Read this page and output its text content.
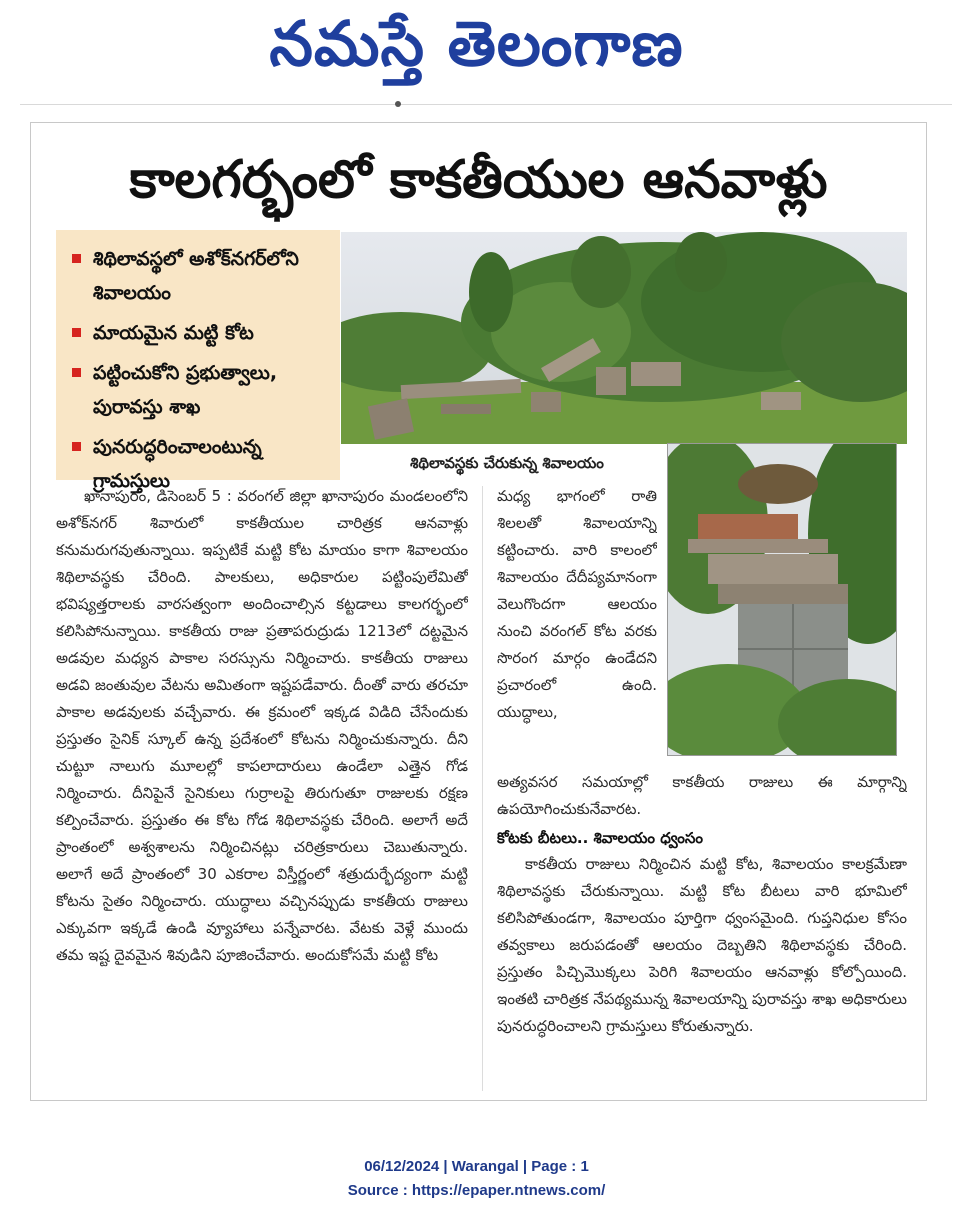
నమస్తే తెలంగాణ
కాలగర్భంలో కాకతీయుల ఆనవాళ్లు
శిథిలావస్థలో అశోక్‌నగర్‌లోని శివాలయం
మాయమైన మట్టి కోట
పట్టించుకోని ప్రభుత్వాలు, పురావస్తు శాఖ
పునరుద్ధరించాలంటున్న గ్రామస్తులు
శిథిలావస్థకు చేరుకున్న శివాలయం
ఖానాపురం, డిసెంబర్ 5 : వరంగల్ జిల్లా ఖానాపురం మండలంలోని అశోక్‌నగర్ శివారులో కాకతీయుల చారిత్రక ఆనవాళ్లు కనుమరుగవుతున్నాయి. ఇప్పటికే మట్టి కోట మాయం కాగా శివాలయం శిథిలావస్థకు చేరింది. పాలకులు, అధికారుల పట్టింపులేమితో భవిష్యత్తరాలకు వారసత్వంగా అందించాల్సిన కట్టడాలు కాలగర్భంలో కలిసిపోనున్నాయి. కాకతీయ రాజు ప్రతాపరుద్రుడు 1213లో దట్టమైన అడవుల మధ్యన పాకాల సరస్సును నిర్మించారు. కాకతీయ రాజులు అడవి జంతువుల వేటను అమితంగా ఇష్టపడేవారు. దీంతో వారు తరచూ పాకాల అడవులకు వచ్చేవారు. ఈ క్రమంలో ఇక్కడ విడిది చేసేందుకు ప్రస్తుతం సైనిక్ స్కూల్ ఉన్న ప్రదేశంలో కోటను నిర్మించుకున్నారు. దీని చుట్టూ నాలుగు మూలల్లో కాపలాదారులు ఉండేలా ఎత్తైన గోడ నిర్మించారు. దీనిపైనే సైనికులు గుర్రాలపై తిరుగుతూ రాజులకు రక్షణ కల్పించేవారు. ప్రస్తుతం ఈ కోట గోడ శిథిలావస్థకు చేరింది. అలాగే అదే ప్రాంతంలో అశ్వశాలను నిర్మించినట్లు చరిత్రకారులు చెబుతున్నారు. అలాగే అదే ప్రాంతంలో 30 ఎకరాల విస్తీర్ణంలో శత్రుదుర్భేద్యంగా మట్టి కోటను సైతం నిర్మించారు. యుద్ధాలు వచ్చినప్పుడు కాకతీయ రాజులు ఎక్కువగా ఇక్కడే ఉండి వ్యూహాలు పన్నేవారట. వేటకు వెళ్లే ముందు తమ ఇష్ట దైవమైన శివుడిని పూజించేవారు. అందుకోసమే మట్టి కోట
మధ్య భాగంలో రాతి శిలలతో శివాలయాన్ని కట్టించారు. వారి కాలంలో శివాలయం దేదీప్యమానంగా వెలుగొందగా ఆలయం నుంచి వరంగల్ కోట వరకు సొరంగ మార్గం ఉండేదని ప్రచారంలో ఉంది. యుద్ధాలు,
అత్యవసర సమయాల్లో కాకతీయ రాజులు ఈ మార్గాన్ని ఉపయోగించుకునేవారట.
కోటకు బీటలు.. శివాలయం ధ్వంసం
కాకతీయ రాజులు నిర్మించిన మట్టి కోట, శివాలయం కాలక్రమేణా శిథిలావస్థకు చేరుకున్నాయి. మట్టి కోట బీటలు వారి భూమిలో కలిసిపోతుండగా, శివాలయం పూర్తిగా ధ్వంసమైంది. గుప్తనిధుల కోసం తవ్వకాలు జరుపడంతో ఆలయం దెబ్బతిని శిథిలావస్థకు చేరింది. ప్రస్తుతం పిచ్చిమొక్కలు పెరిగి శివాలయం ఆనవాళ్లు కోల్పోయింది. ఇంతటి చారిత్రక నేపథ్యమున్న శివాలయాన్ని పురావస్తు శాఖ అధికారులు పునరుద్ధరించాలని గ్రామస్తులు కోరుతున్నారు.
06/12/2024 | Warangal | Page : 1
Source : https://epaper.ntnews.com/
